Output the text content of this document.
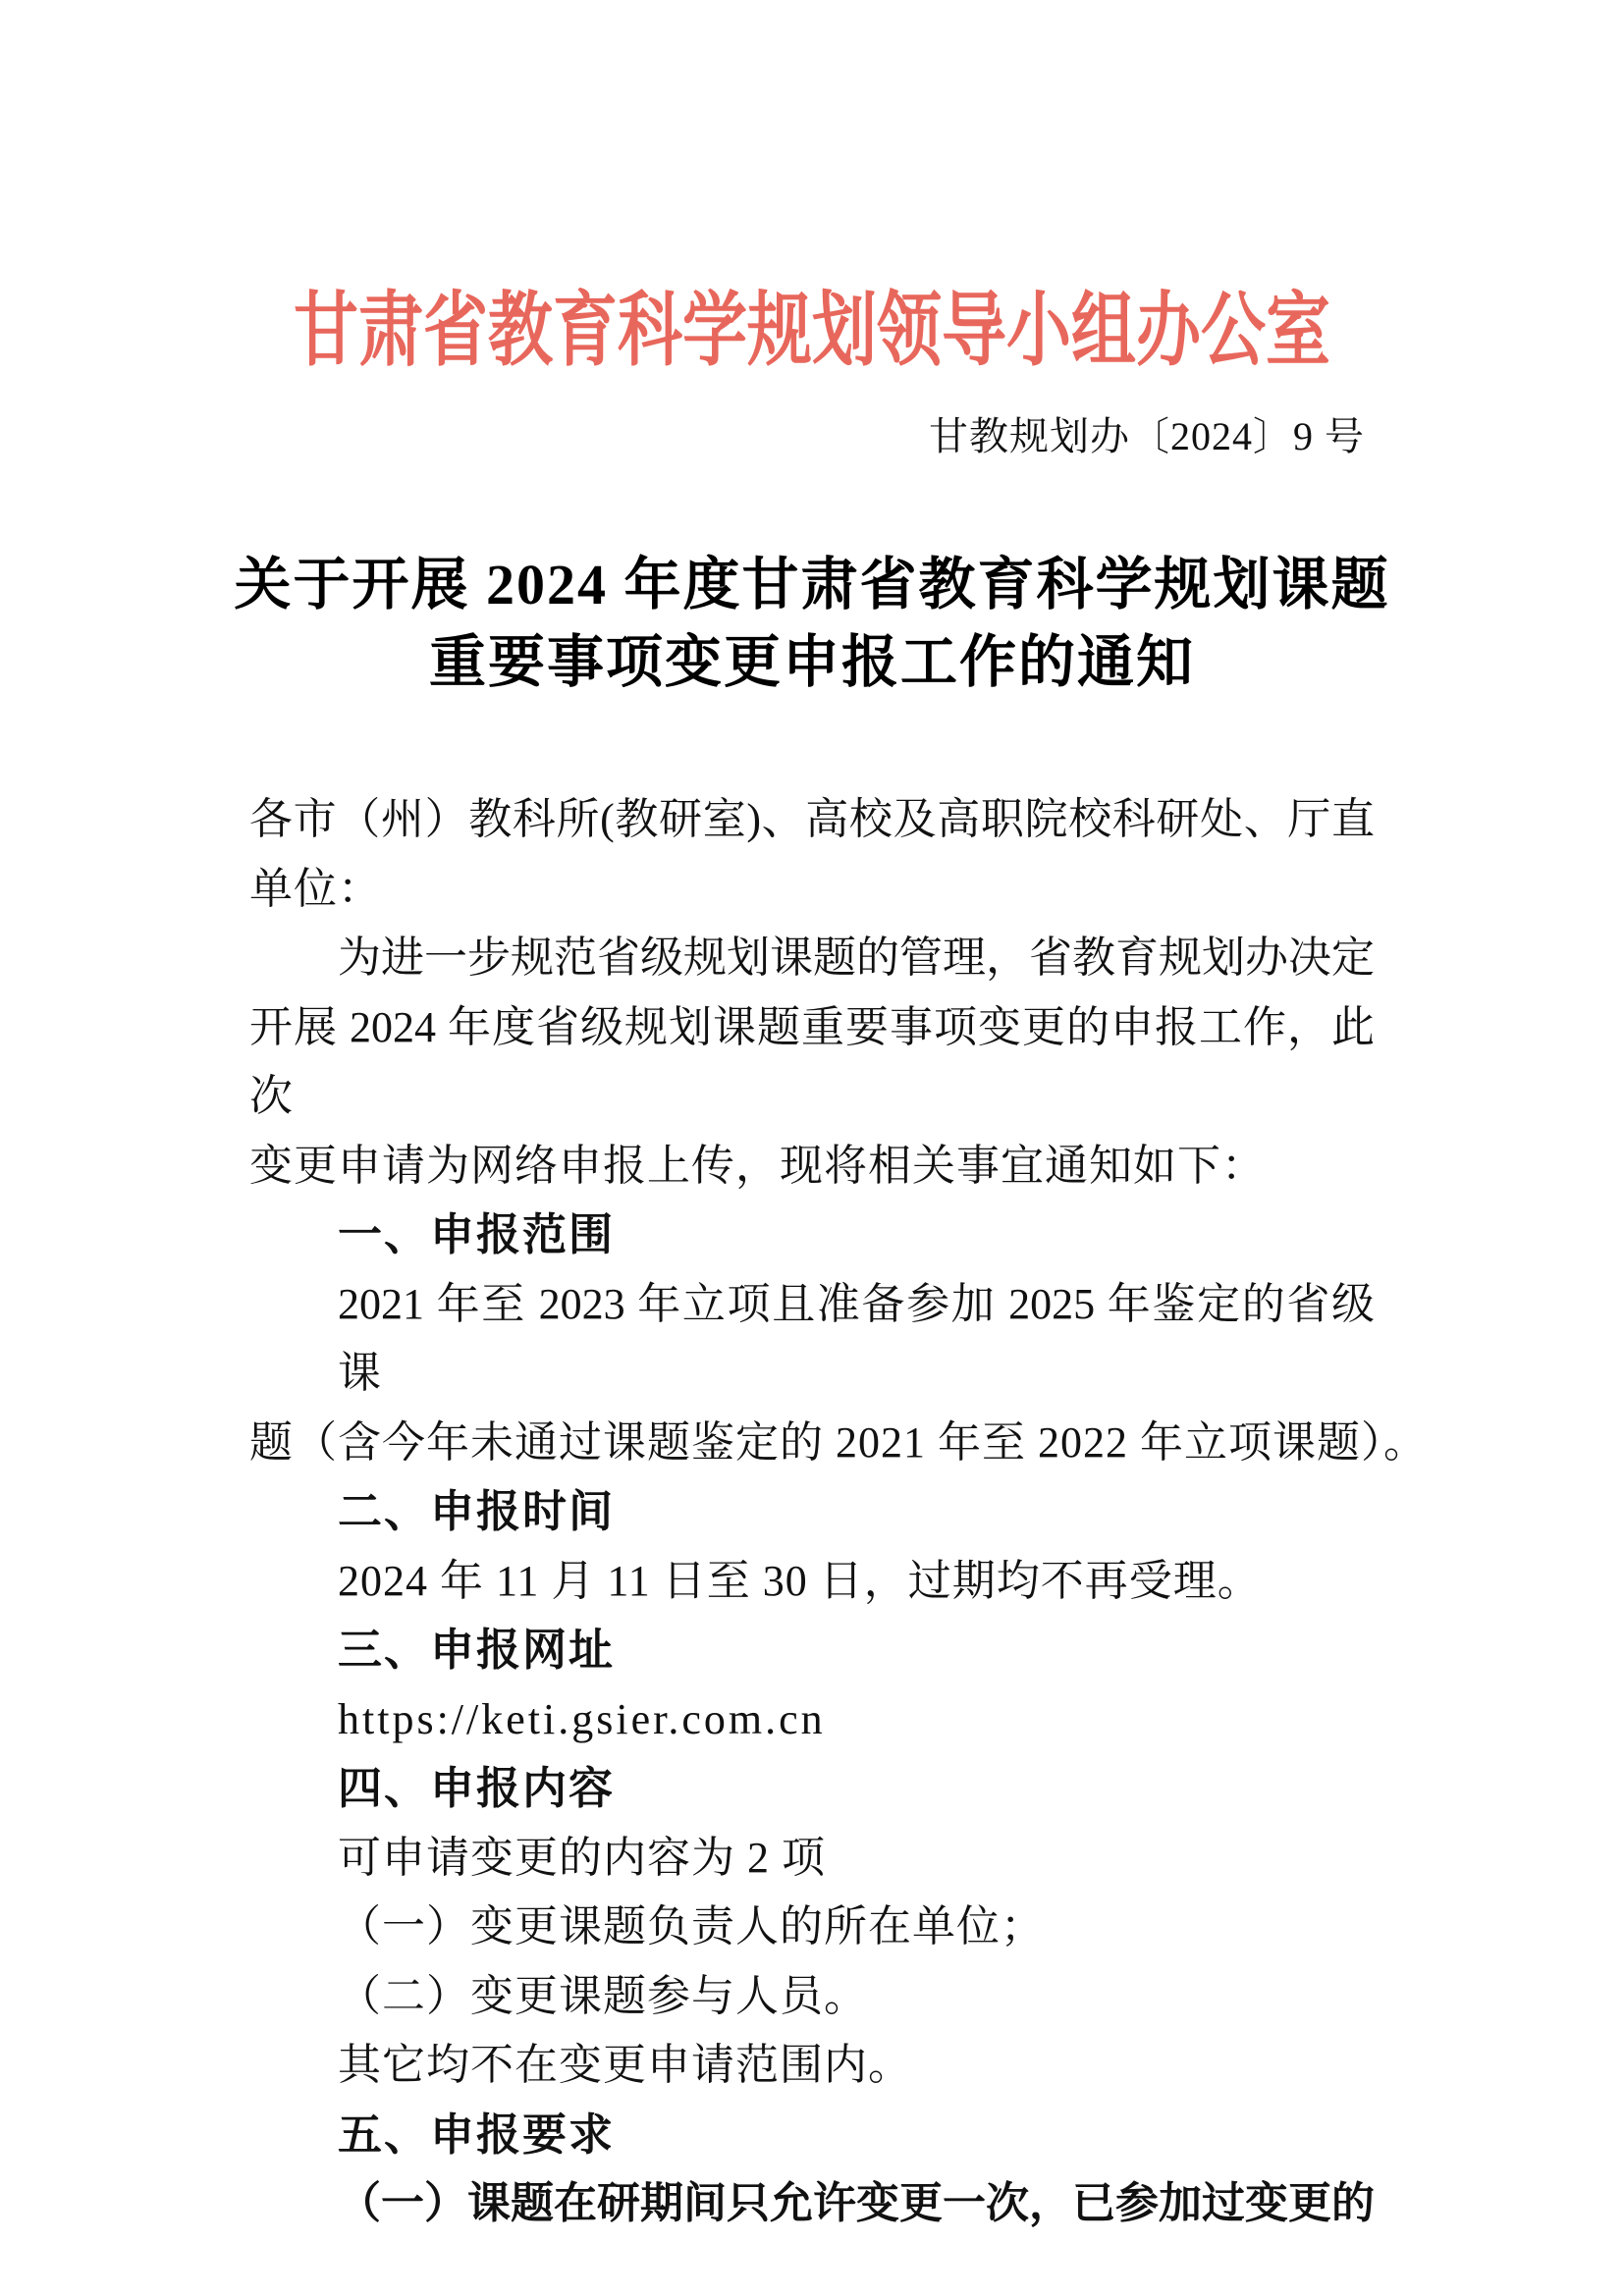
甘肃省教育科学规划领导小组办公室
甘教规划办〔2024〕9 号
关于开展 2024 年度甘肃省教育科学规划课题
重要事项变更申报工作的通知
各市（州）教科所(教研室)、高校及高职院校科研处、厅直
单位：
为进一步规范省级规划课题的管理，省教育规划办决定
开展 2024 年度省级规划课题重要事项变更的申报工作，此次
变更申请为网络申报上传，现将相关事宜通知如下：
一、申报范围
2021 年至 2023 年立项且准备参加 2025 年鉴定的省级课
题（含今年未通过课题鉴定的 2021 年至 2022 年立项课题）。
二、申报时间
2024 年 11 月 11 日至 30 日，过期均不再受理。
三、申报网址
https://keti.gsier.com.cn
四、申报内容
可申请变更的内容为 2 项
（一）变更课题负责人的所在单位；
（二）变更课题参与人员。
其它均不在变更申请范围内。
五、申报要求
（一）课题在研期间只允许变更一次，已参加过变更的
